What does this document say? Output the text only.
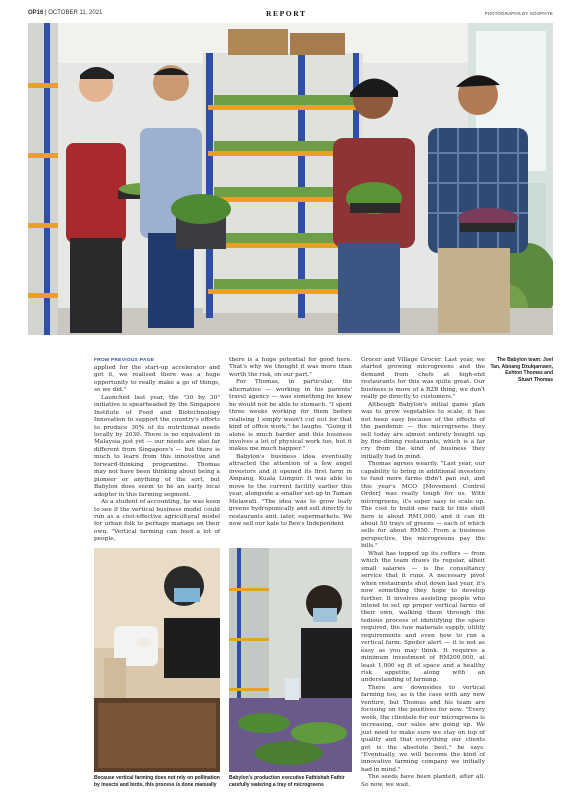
OP16 | OCTOBER 11, 2021	REPORT	PHOTOGRAPHS BY SOOPHYE
FROM PREVIOUS PAGE

applied for the start-up accelerator and got it, we realised there was a huge opportunity to really make a go of things, so we did."

Launched last year, the "30 by 30" initiative is spearheaded by the Singapore Institute of Food and Biotechnology Innovation to support the country's efforts to produce 30% of its nutritional needs locally by 2030. There is no equivalent in Malaysia just yet — our needs are also far different from Singapore's — but there is much to learn from this innovative and forward-thinking programme. Thomas may not have been thinking about being a pioneer or anything of the sort, but Babylon does seem to be an early local adopter in this farming segment.

As a student of accounting, he was keen to see if the vertical business model could run as a cost-effective agricultural model for urban folk to perhaps manage on their own. "Vertical farming can feed a lot of people,

there is a huge potential for good here. That's why we thought it was more than worth the risk, on our part."

For Thomas, in particular, the alternative — working in his parents' travel agency — was something he knew he would not be able to stomach. "I spent three weeks working for them before realising I simply wasn't cut out for that kind of office work," he laughs. "Going it alone is much harder and this business involves a lot of physical work too, but it makes me much happier."

Babylon's business idea eventually attracted the attention of a few angel investors and it opened its first farm in Ampang, Kuala Lumpur. It was able to move to the current facility earlier this year, alongside a smaller set-up in Taman Melawati. "The idea was to grow leafy greens hydroponically and sell directly to restaurants and, later, supermarkets. We now sell our kale to Ben's Independent

Grocer and Village Grocer. Last year, we started growing microgreens and the demand from chefs at high-end restaurants for this was quite great. Our business is more of a B2B thing, we don't really go directly to customers."

Although Babylon's initial game plan was to grow vegetables to scale, it has not been easy because of the effects of the pandemic — the microgreens they sell today are almost entirely bought up by fine-dining restaurants, which is a far cry from the kind of business they initially had in mind.

Thomas agrees wearily. "Last year, our capability to bring in additional investors to fund more farms didn't pan out, and this year's MCO [Movement Control Order] was really tough for us. With microgreens, it's super easy to scale up. The cost to build one rack to this shelf here is about RM1,000, and it can fit about 50 trays of greens — each of which sells for about RM50. From a business perspective, the microgreens pay the bills."

What has topped up its coffers — from which the team draws its regular, albeit small salaries — is the consultancy service that it runs. A necessary pivot when restaurants shut down last year, it's now something they hope to develop further. It involves assisting people who intend to set up proper vertical farms of their own, walking them through the tedious process of identifying the space required, the raw materials supply, utility requirements and even how to run a vertical farm. Spoiler alert — it is not as easy as you may think. It requires a minimum investment of RM200,000, at least 1,000 sq ft of space and a healthy risk appetite, along with an understanding of farming.

There are downsides to vertical farming too, as is the case with any new venture, but Thomas and his team are focusing on the positives for now. "Every week, the clientele for our microgreens is increasing, our sales are going up. We just need to make sure we stay on top of quality and that everything our clients get is the absolute best," he says. "Eventually, we will become the kind of innovative farming company we initially had in mind."

The seeds have been planted, after all. So now, we wait.

The Babylon team: Joel Tan, Aboang Dzulqarnaen, Eshton Thomas and Stuart Thomas
Because vertical farming does not rely on pollination by insects and birds, this process is done manually
Babylon's production executive Fathishah Fathir carefully watering a tray of microgreens
